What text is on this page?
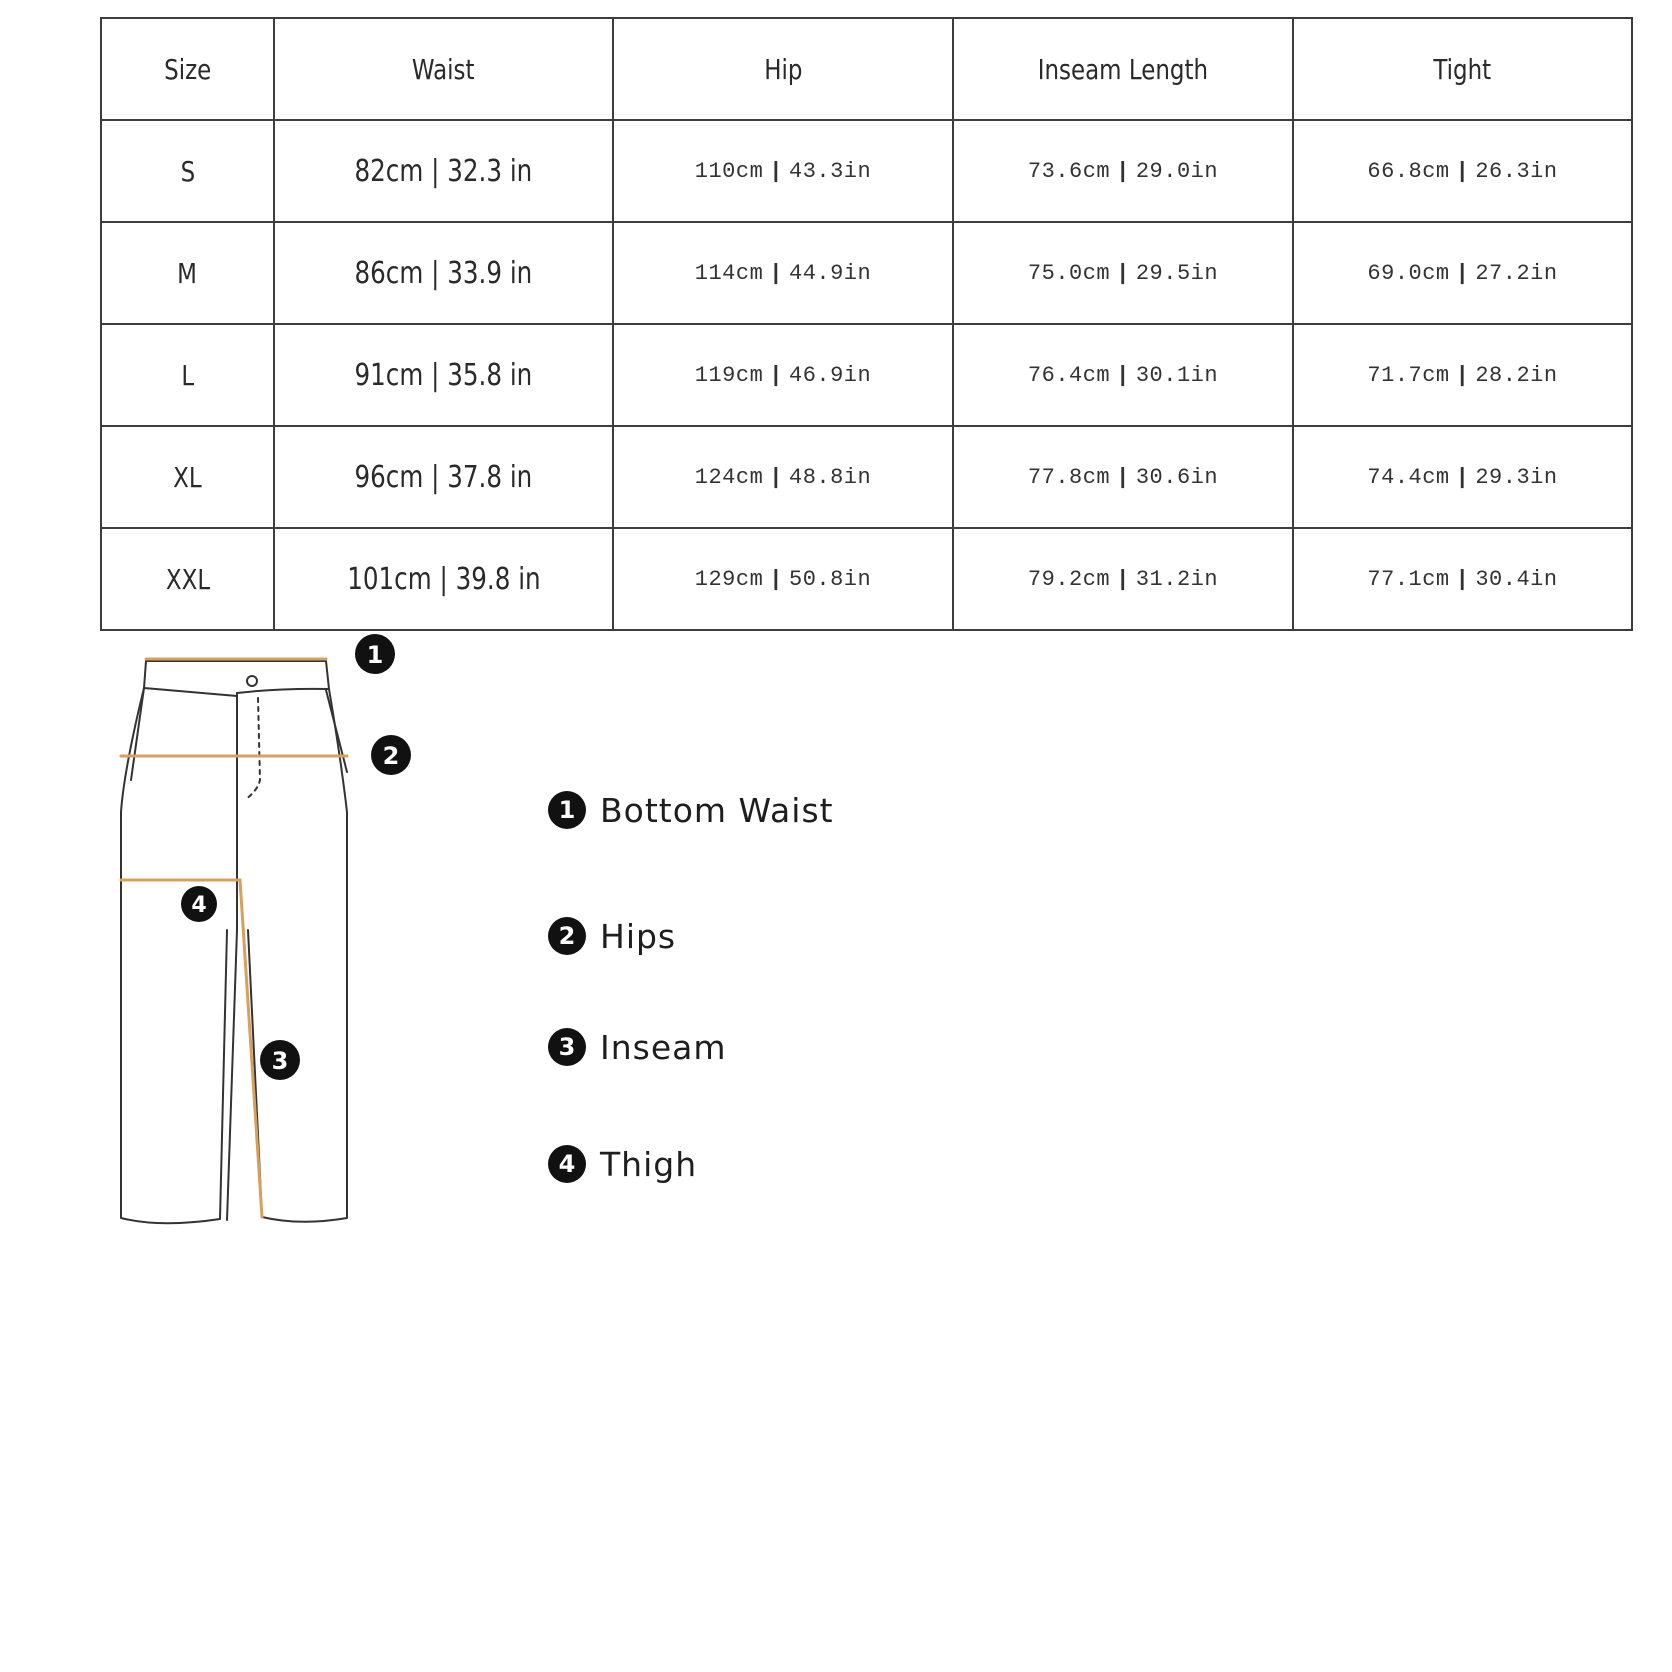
Size	Waist	Hip	Inseam Length	Tight
S	82cm | 32.3 in	110cm | 43.3in	73.6cm | 29.0in	66.8cm | 26.3in
M	86cm | 33.9 in	114cm | 44.9in	75.0cm | 29.5in	69.0cm | 27.2in
L	91cm | 35.8 in	119cm | 46.9in	76.4cm | 30.1in	71.7cm | 28.2in
XL	96cm | 37.8 in	124cm | 48.8in	77.8cm | 30.6in	74.4cm | 29.3in
XXL	101cm | 39.8 in	129cm | 50.8in	79.2cm | 31.2in	77.1cm | 30.4in
1
2
3
4
1 Bottom Waist
2 Hips
3 Inseam
4 Thigh
